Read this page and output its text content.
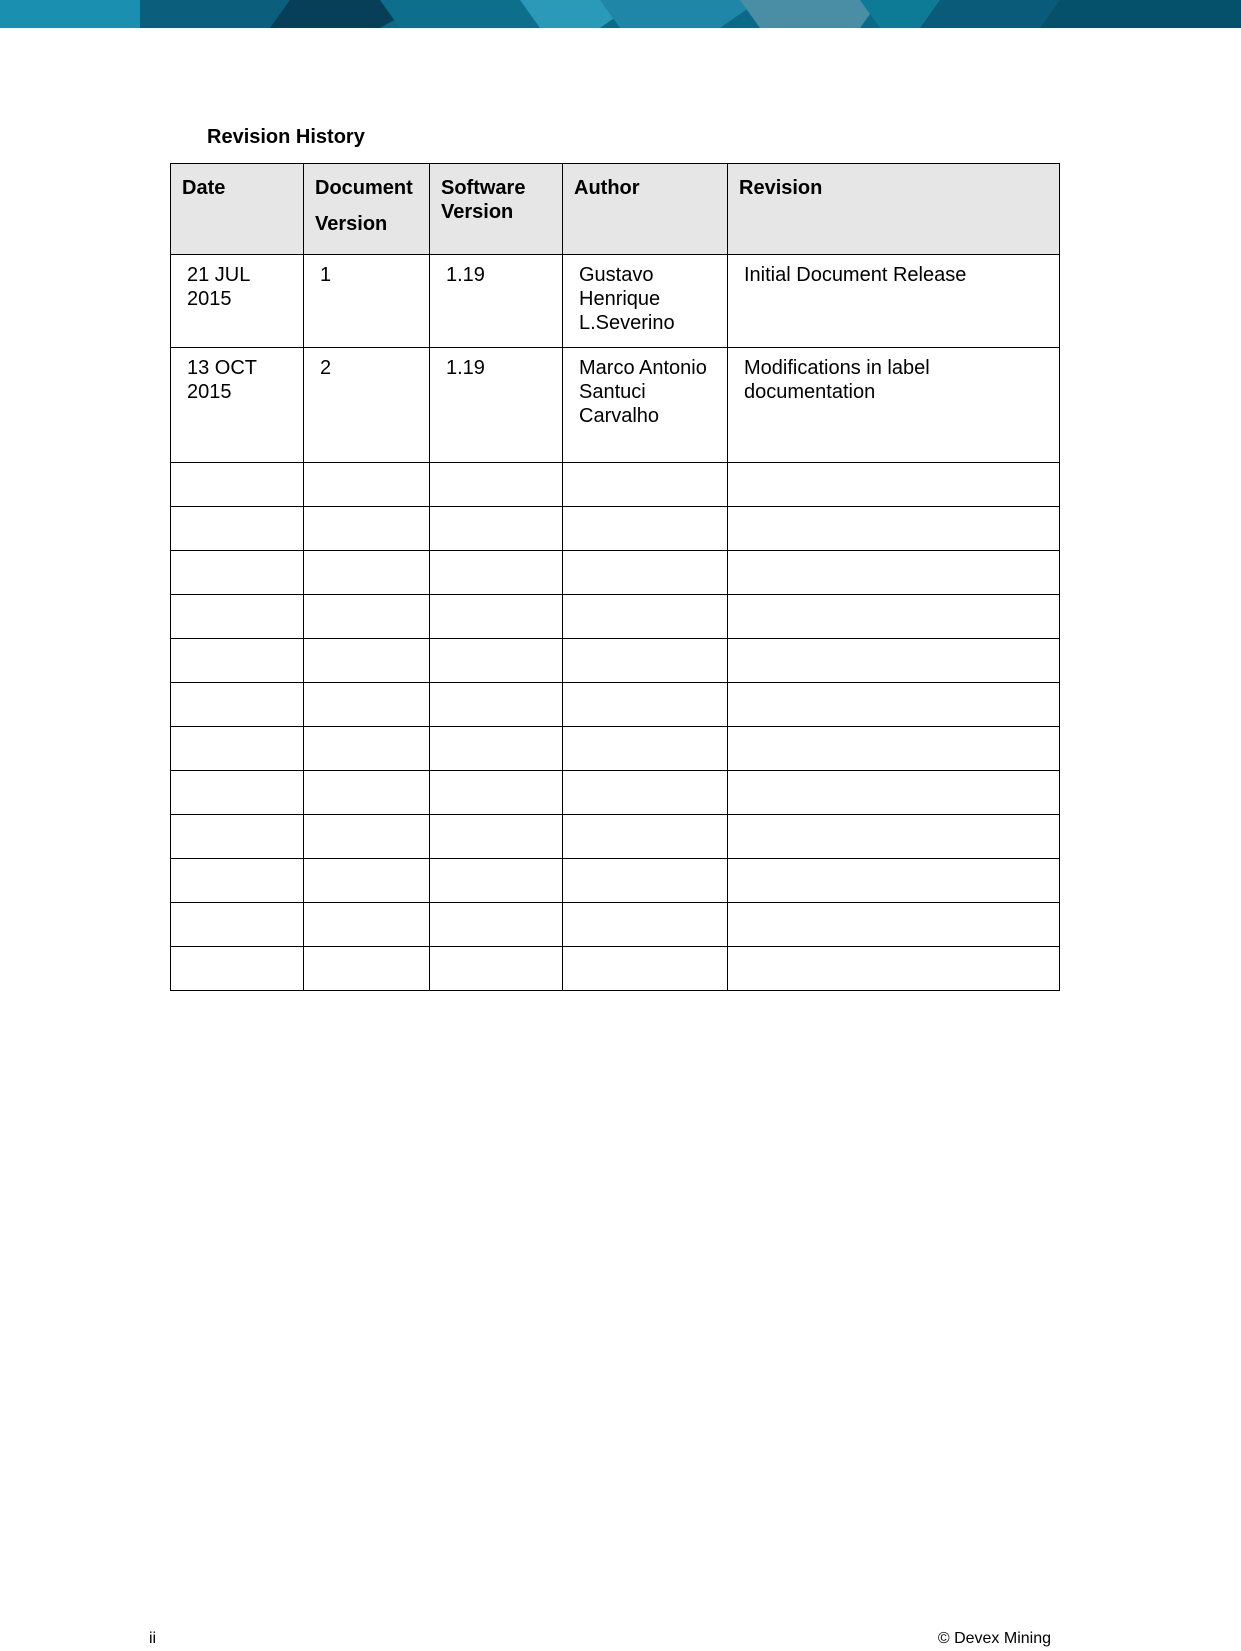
Revision History
Date	Document Version	Software Version	Author	Revision

21 JUL 2015	1	1.19	Gustavo Henrique L.Severino	Initial Document Release

13 OCT 2015	2	1.19	Marco Antonio Santuci Carvalho	Modifications in label documentation

ii	© Devex Mining
